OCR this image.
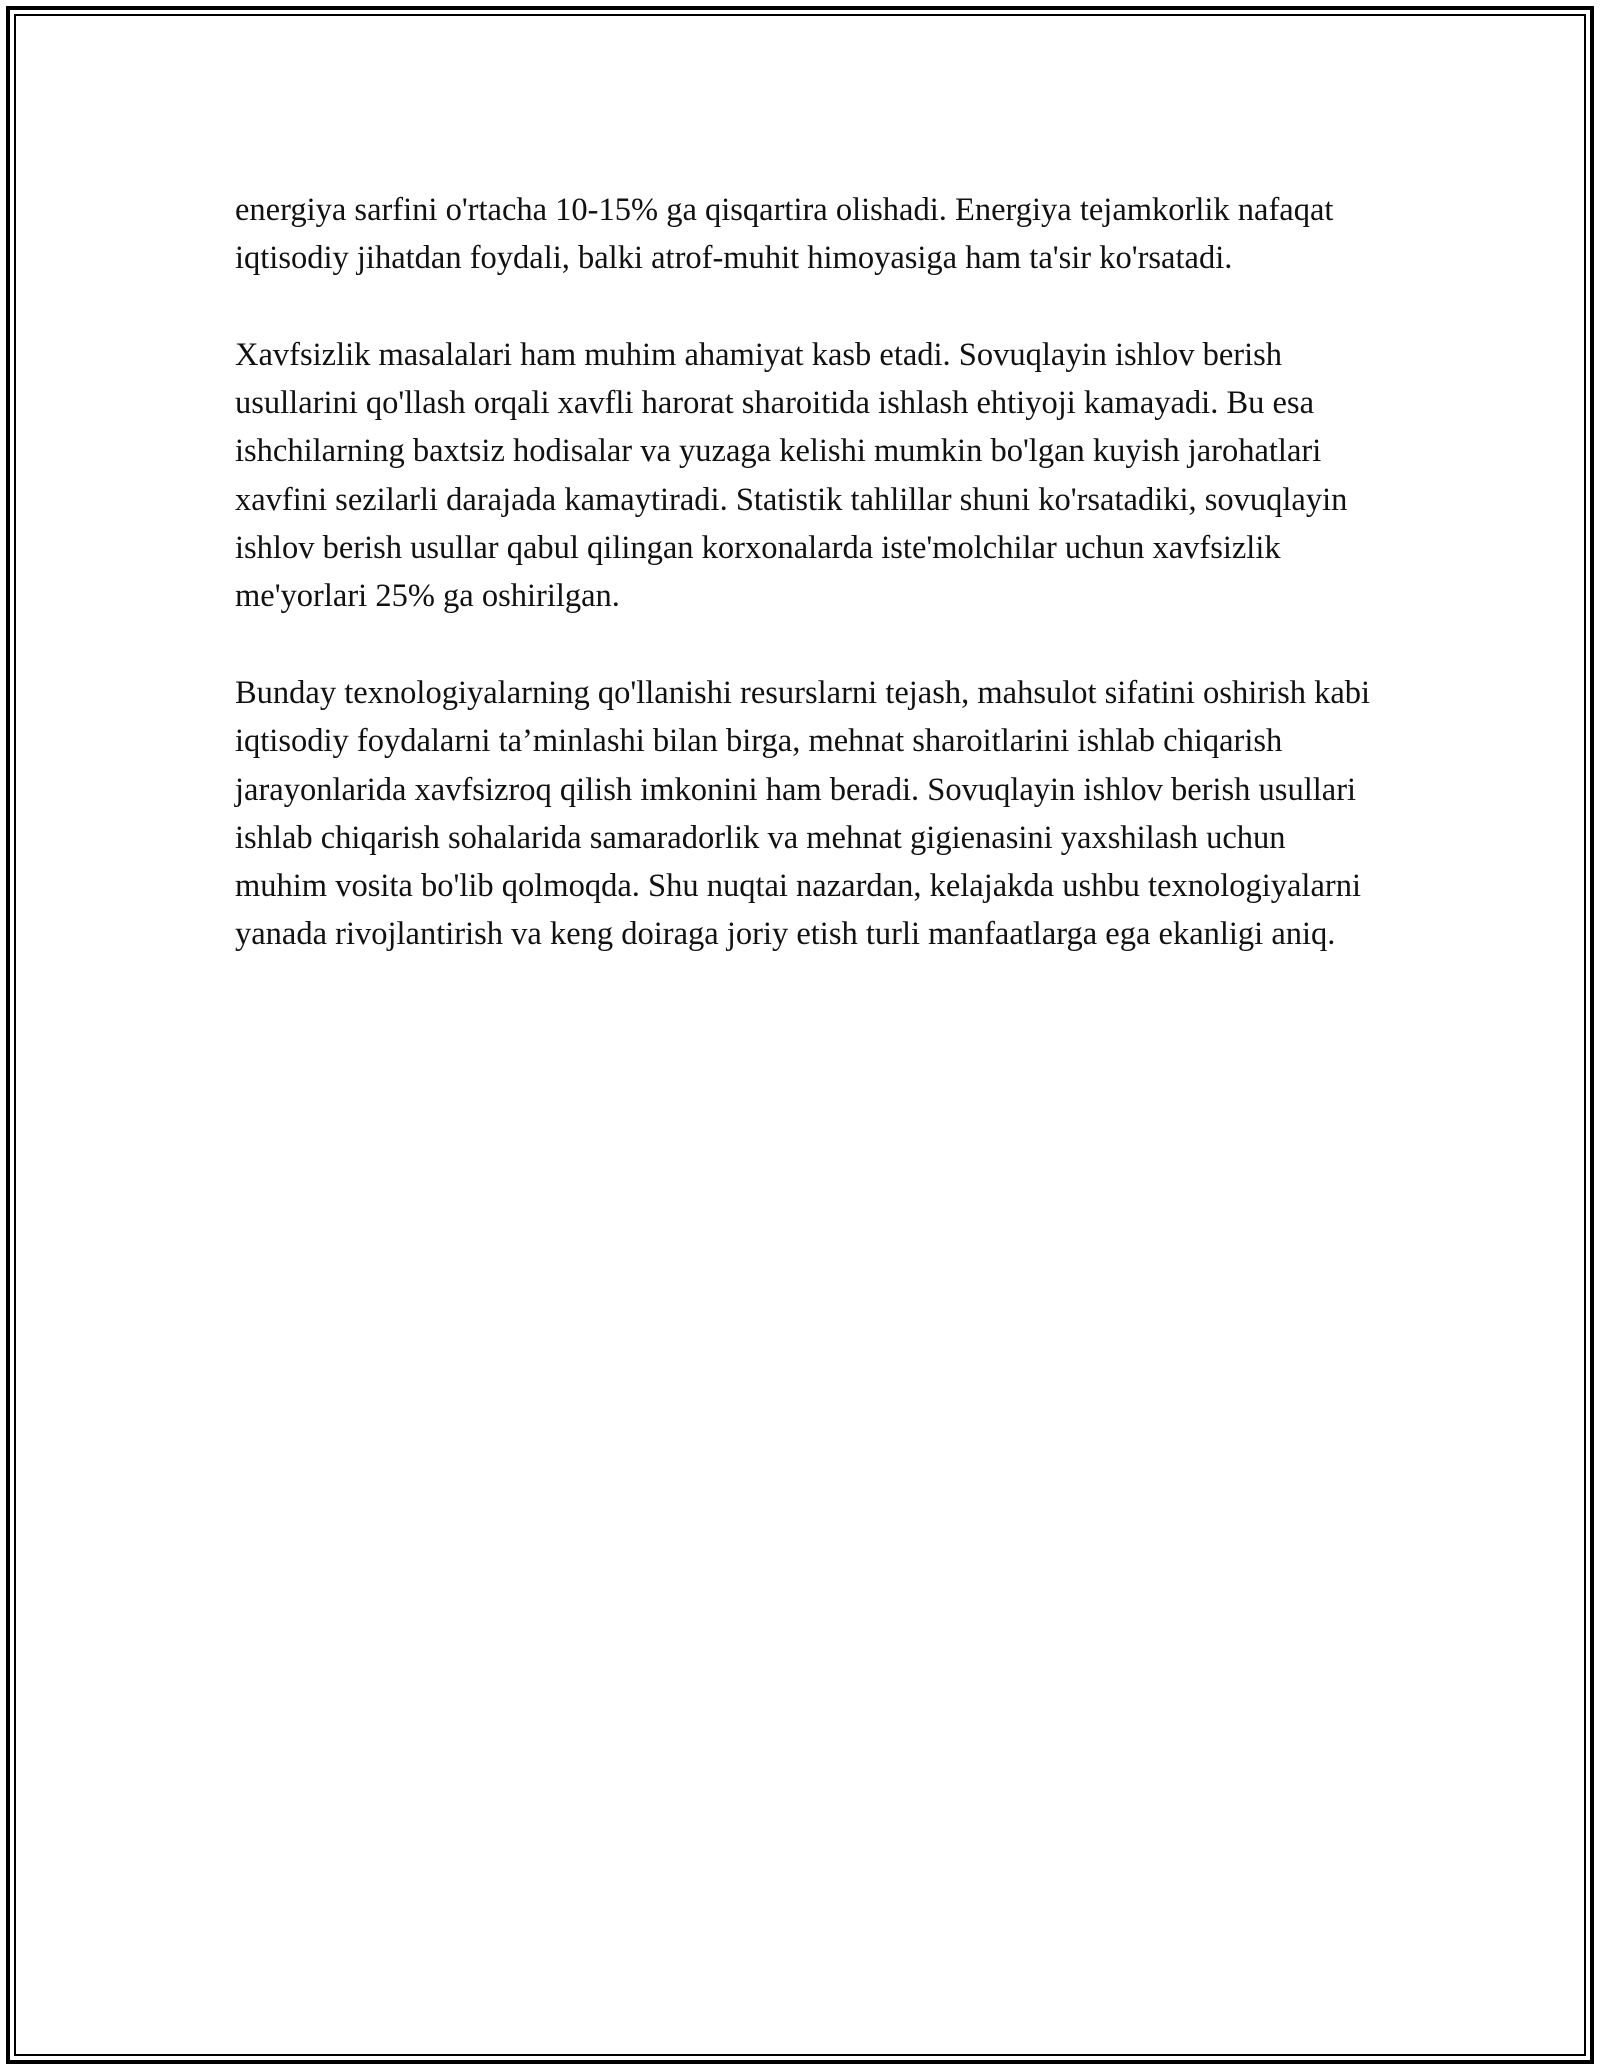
energiya sarfini o'rtacha 10-15% ga qisqartira olishadi. Energiya tejamkorlik nafaqat iqtisodiy jihatdan foydali, balki atrof-muhit himoyasiga ham ta'sir ko'rsatadi.

Xavfsizlik masalalari ham muhim ahamiyat kasb etadi. Sovuqlayin ishlov berish usullarini qo'llash orqali xavfli harorat sharoitida ishlash ehtiyoji kamayadi. Bu esa ishchilarning baxtsiz hodisalar va yuzaga kelishi mumkin bo'lgan kuyish jarohatlari xavfini sezilarli darajada kamaytiradi. Statistik tahlillar shuni ko'rsatadiki, sovuqlayin ishlov berish usullar qabul qilingan korxonalarda iste'molchilar uchun xavfsizlik me'yorlari 25% ga oshirilgan.

Bunday texnologiyalarning qo'llanishi resurslarni tejash, mahsulot sifatini oshirish kabi iqtisodiy foydalarni ta’minlashi bilan birga, mehnat sharoitlarini ishlab chiqarish jarayonlarida xavfsizroq qilish imkonini ham beradi. Sovuqlayin ishlov berish usullari ishlab chiqarish sohalarida samaradorlik va mehnat gigienasini yaxshilash uchun muhim vosita bo'lib qolmoqda. Shu nuqtai nazardan, kelajakda ushbu texnologiyalarni yanada rivojlantirish va keng doiraga joriy etish turli manfaatlarga ega ekanligi aniq.
